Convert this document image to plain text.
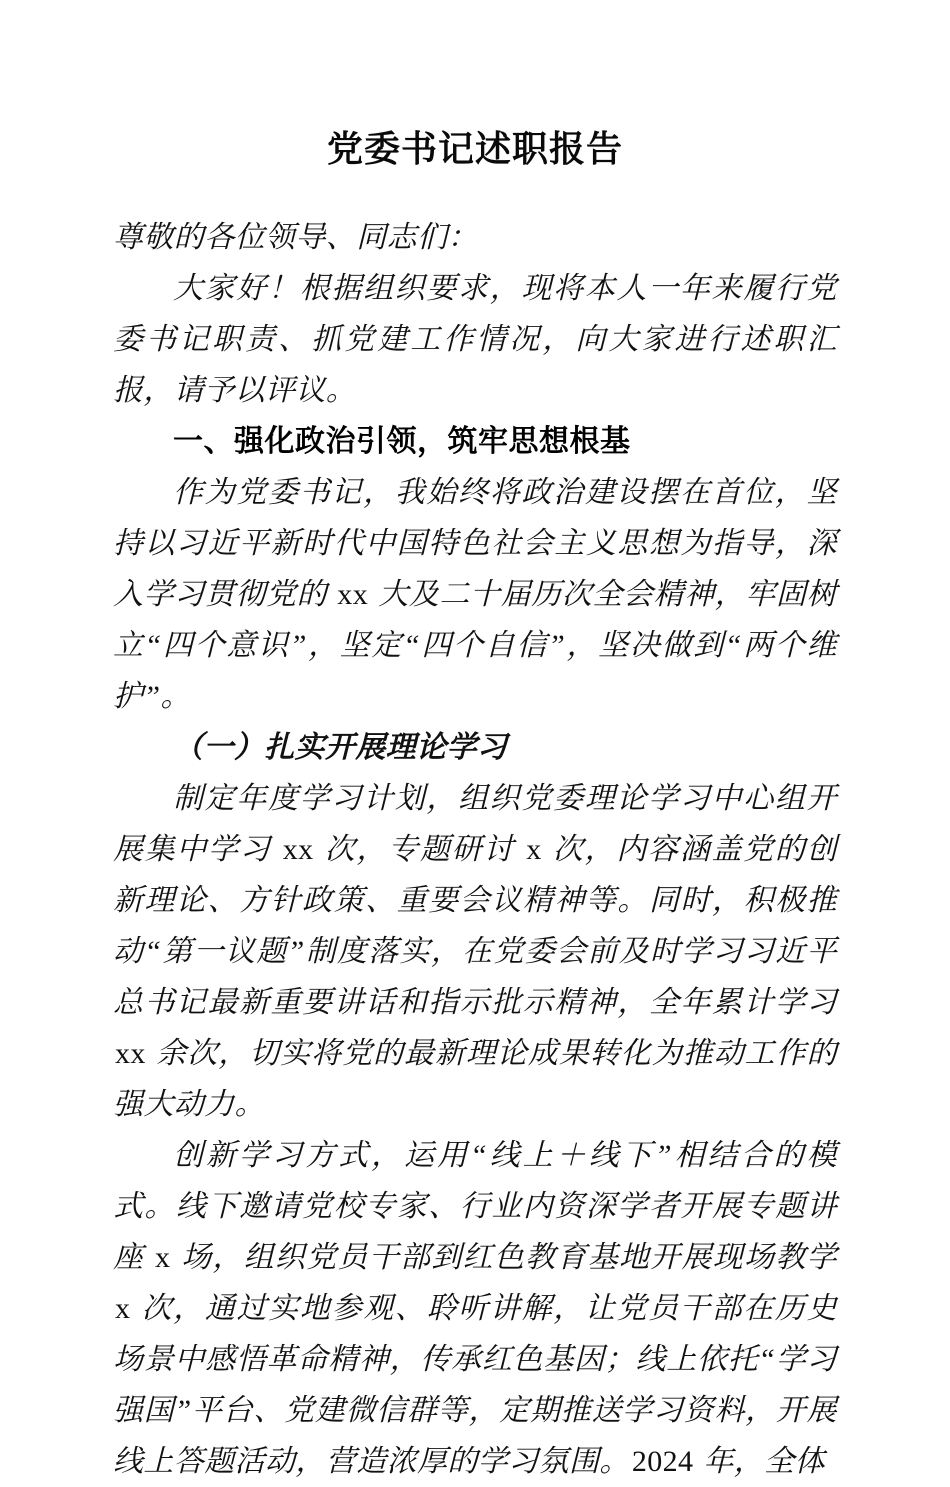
党委书记述职报告

尊敬的各位领导、同志们：

大家好！根据组织要求，现将本人一年来履行党委书记职责、抓党建工作情况，向大家进行述职汇报，请予以评议。

一、强化政治引领，筑牢思想根基

作为党委书记，我始终将政治建设摆在首位，坚持以习近平新时代中国特色社会主义思想为指导，深入学习贯彻党的 xx 大及二十届历次全会精神，牢固树立“四个意识”，坚定“四个自信”，坚决做到“两个维护”。

（一）扎实开展理论学习

制定年度学习计划，组织党委理论学习中心组开展集中学习 xx 次，专题研讨 x 次，内容涵盖党的创新理论、方针政策、重要会议精神等。同时，积极推动“第一议题”制度落实，在党委会前及时学习习近平总书记最新重要讲话和指示批示精神，全年累计学习 xx 余次，切实将党的最新理论成果转化为推动工作的强大动力。

创新学习方式，运用“线上＋线下”相结合的模式。线下邀请党校专家、行业内资深学者开展专题讲座 x 场，组织党员干部到红色教育基地开展现场教学 x 次，通过实地参观、聆听讲解，让党员干部在历史场景中感悟革命精神，传承红色基因；线上依托“学习强国”平台、党建微信群等，定期推送学习资料，开展线上答题活动，营造浓厚的学习氛围。2024 年，全体
